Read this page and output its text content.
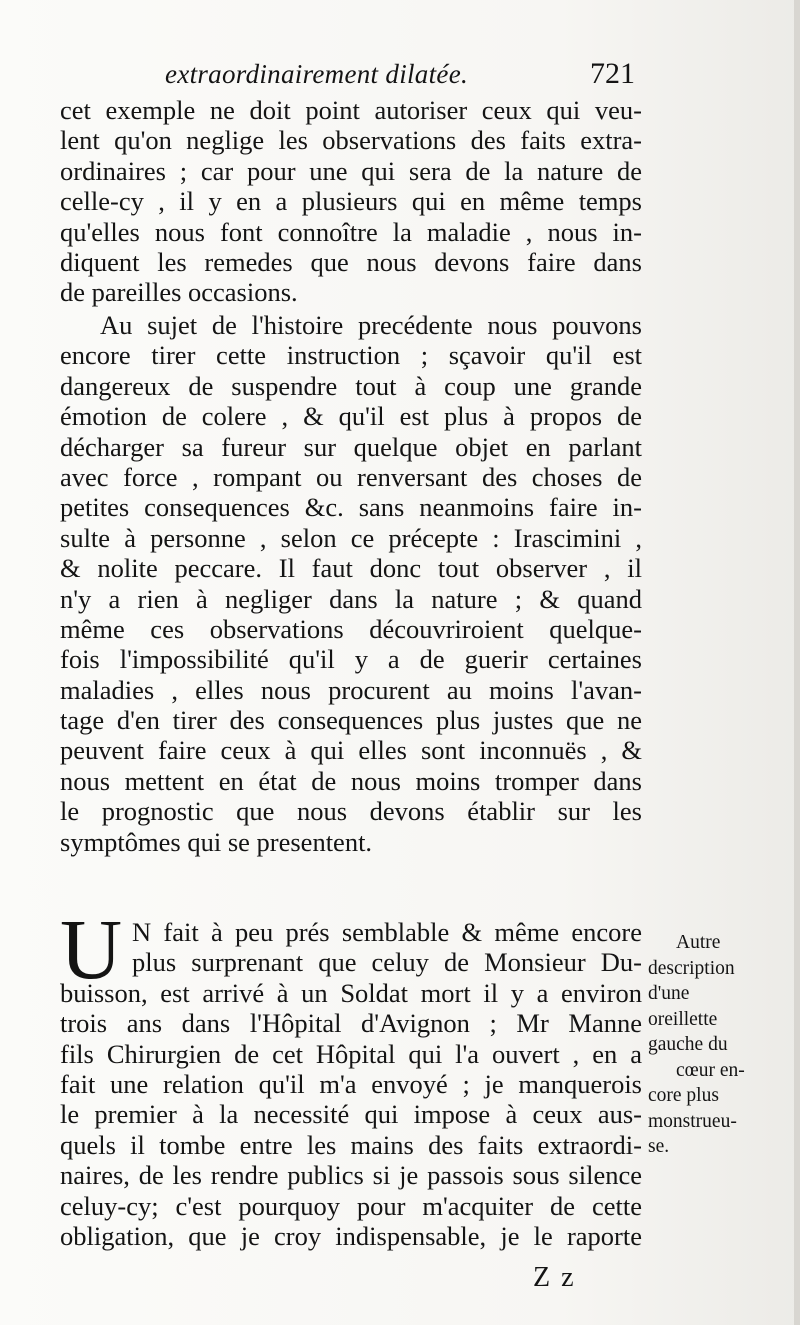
extraordinairement dilatée.	721
cet exemple ne doit point autoriser ceux qui veu-
lent qu'on neglige les observations des faits extra-
ordinaires ; car pour une qui sera de la nature de
celle-cy , il y en a plusieurs qui en même temps
qu'elles nous font connoître la maladie , nous in-
diquent les remedes que nous devons faire dans
de pareilles occasions.
Au sujet de l'histoire precédente nous pouvons
encore tirer cette instruction ; sçavoir qu'il est
dangereux de suspendre tout à coup une grande
émotion de colere , & qu'il est plus à propos de
décharger sa fureur sur quelque objet en parlant
avec force , rompant ou renversant des choses de
petites consequences &c. sans neanmoins faire in-
sulte à personne , selon ce précepte : Irascimini ,
& nolite peccare. Il faut donc tout observer , il
n'y a rien à negliger dans la nature ; & quand
même ces observations découvriroient quelque-
fois l'impossibilité qu'il y a de guerir certaines
maladies , elles nous procurent au moins l'avan-
tage d'en tirer des consequences plus justes que ne
peuvent faire ceux à qui elles sont inconnuës , &
nous mettent en état de nous moins tromper dans
le prognostic que nous devons établir sur les
symptômes qui se presentent.
U N fait à peu prés semblable & même encore
plus surprenant que celuy de Monsieur Du-
buisson, est arrivé à un Soldat mort il y a environ
trois ans dans l'Hôpital d'Avignon ; Mr Manne
fils Chirurgien de cet Hôpital qui l'a ouvert , en a
fait une relation qu'il m'a envoyé ; je manquerois
le premier à la necessité qui impose à ceux aus-
quels il tombe entre les mains des faits extraordi-
naires, de les rendre publics si je passois sous silence
celuy-cy; c'est pourquoy pour m'acquiter de cette
obligation, que je croy indispensable, je le raporte
Autre
description
d'une
oreillette
gauche du
cœur en-
core plus
monstrueu-
se.
Z z
